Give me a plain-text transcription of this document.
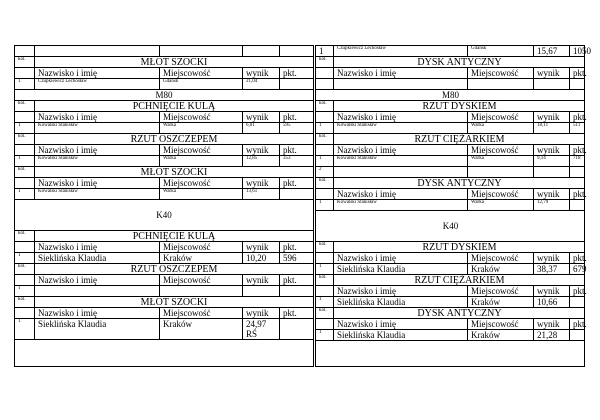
kol.	MŁOT SZOCKI
Nazwisko i imię	Miejscowość	wynik	pkt.
1	Czupkiewicz Lechosław	Gdańsk	21,04
M80
kol.	PCHNIĘCIE KULĄ
Nazwisko i imię	Miejscowość	wynik	pkt.
1	Kowalski Stanisław	Warka	6,01	595
kol.	RZUT OSZCZEPEM
Nazwisko i imię	Miejscowość	wynik	pkt.
1	Kowalski Stanisław	Warka	12,85	353
kol.	MŁOT SZOCKI
Nazwisko i imię	Miejscowość	wynik	pkt.
1	Kowalski Stanisław	Warka	13,61
K40
kol.	PCHNIĘCIE KULĄ
Nazwisko i imię	Miejscowość	wynik	pkt.
1	Sieklińska Klaudia	Kraków	10,20	596
kol.	RZUT OSZCZEPEM
Nazwisko i imię	Miejscowość	wynik	pkt.
1
kol.	MŁOT SZOCKI
Nazwisko i imię	Miejscowość	wynik	pkt.
1	Sieklińska Klaudia	Kraków	24,97
RŚ
1	Czupkiewicz Lechosław	Gdańsk	15,67	1050
kol.	DYSK ANTYCZNY
Nazwisko i imię	Miejscowość	wynik	pkt.
M80
kol.	RZUT DYSKIEM
Nazwisko i imię	Miejscowość	wynik	pkt.
1	Kowalski Stanisław	Warka	18,11	511
kol.	RZUT CIĘŻARKIEM
Nazwisko i imię	Miejscowość	wynik	pkt.
1	Kowalski Stanisław	Warka	9,14	718
2
kol.	DYSK ANTYCZNY
Nazwisko i imię	Miejscowość	wynik	pkt.
1	Kowalski Stanisław	Warka	12,79
K40
kol.	RZUT DYSKIEM
Nazwisko i imię	Miejscowość	wynik	pkt.
1	Sieklińska Klaudia	Kraków	38,37	679
kol.	RZUT CIĘŻARKIEM
Nazwisko i imię	Miejscowość	wynik	pkt.
1	Sieklińska Klaudia	Kraków	10,66
kol.	DYSK ANTYCZNY
Nazwisko i imię	Miejscowość	wynik	pkt.
1	Sieklińska Klaudia	Kraków	21,28
